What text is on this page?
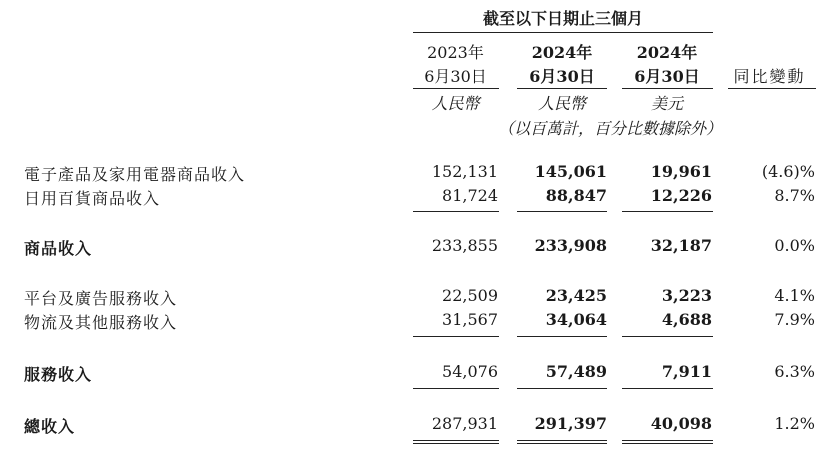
截至以下日期止三個月
2023年	2024年	2024年
6月30日	6月30日	6月30日	同比變動
人民幣	人民幣	美元
（以百萬計，百分比數據除外）
電子產品及家用電器商品收入	152,131	145,061	19,961	(4.6)%
日用百貨商品收入	81,724	88,847	12,226	8.7%
商品收入	233,855	233,908	32,187	0.0%
平台及廣告服務收入	22,509	23,425	3,223	4.1%
物流及其他服務收入	31,567	34,064	4,688	7.9%
服務收入	54,076	57,489	7,911	6.3%
總收入	287,931	291,397	40,098	1.2%
